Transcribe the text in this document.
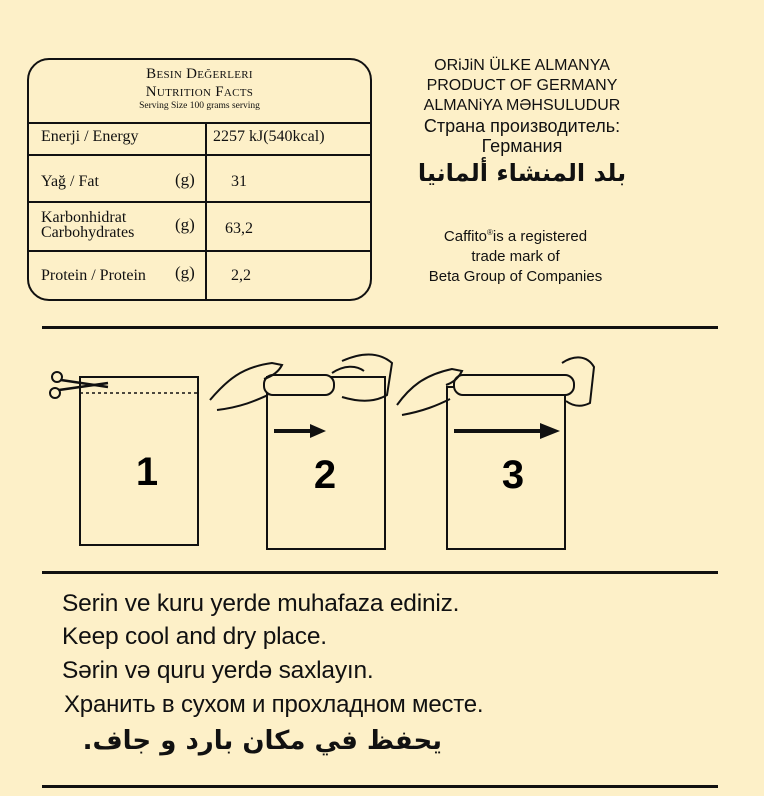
Besin Değerleri
Nutrition Facts
Serving Size 100 grams serving
Enerji / Energy	2257 kJ(540kcal)
Yağ / Fat	(g) 31
Karbonhidrat
Carbohydrates (g) 63,2
Protein / Protein (g) 2,2
ORiJiN ÜLKE ALMANYA
PRODUCT OF GERMANY
ALMANiYA MƏHSULUDUR
Страна производитель:
Германия
بلد المنشاء ألمانيا
Caffito®is a registered
trade mark of
Beta Group of Companies
1	2	3
Serin ve kuru yerde muhafaza ediniz.
Keep cool and dry place.
Sərin və quru yerdə saxlayın.
Хранить в сухом и прохладном месте.
يحفظ في مكان بارد و جاف.
